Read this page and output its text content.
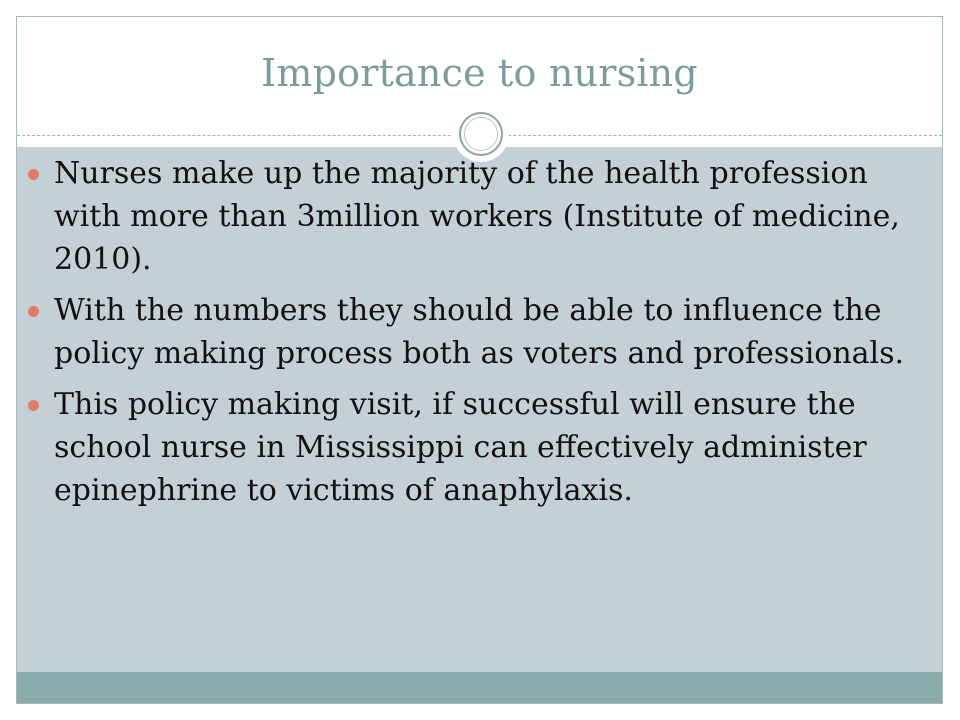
Importance to nursing
Nurses make up the majority of the health profession with more than 3million workers (Institute of medicine, 2010).
With the numbers they should be able to influence the policy making process both as voters and professionals.
This policy making visit, if successful will ensure the school nurse in Mississippi can effectively administer epinephrine to victims of anaphylaxis.
